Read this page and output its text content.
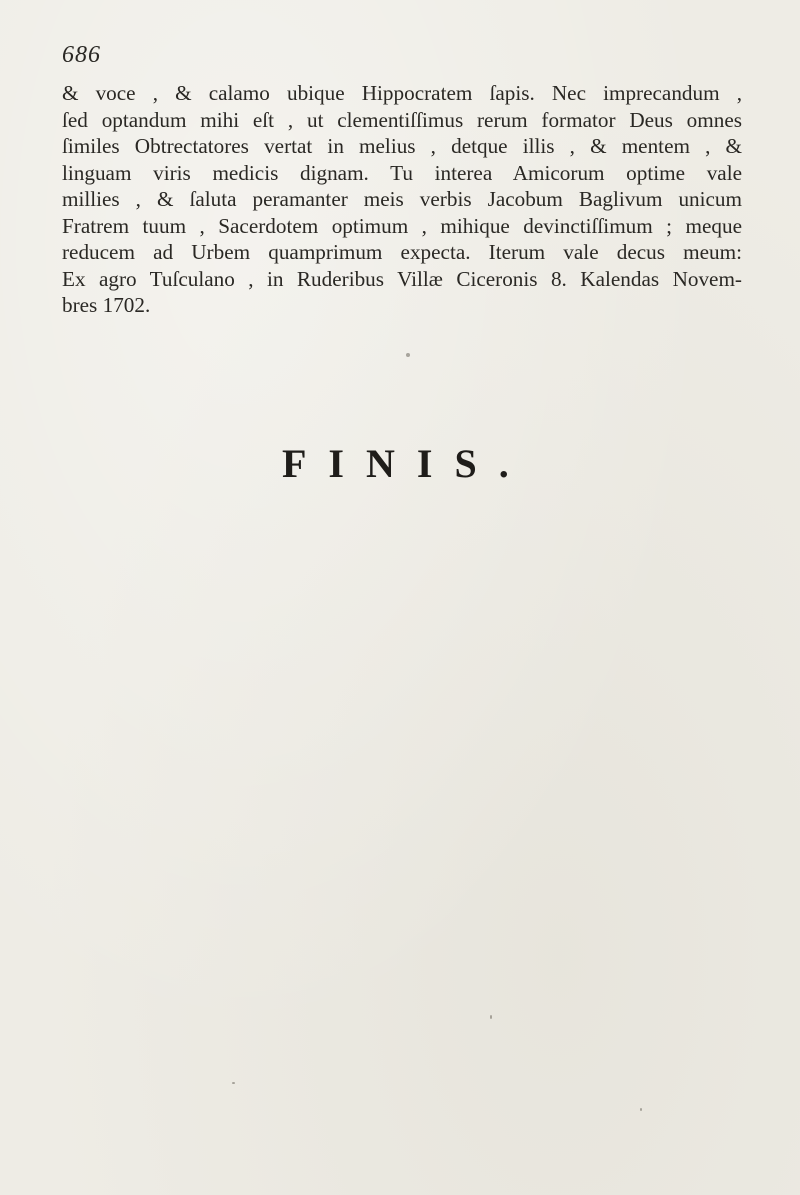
686
& voce , & calamo ubique Hippocratem ſapis. Nec imprecandum ,
ſed optandum mihi eſt , ut clementiſſimus rerum formator Deus omnes
ſimiles Obtrectatores vertat in melius , detque illis , & mentem , &
linguam viris medicis dignam. Tu interea Amicorum optime vale
millies , & ſaluta peramanter meis verbis Jacobum Baglivum unicum
Fratrem tuum , Sacerdotem optimum , mihique devinctiſſimum ; meque
reducem ad Urbem quamprimum expecta. Iterum vale decus meum:
Ex agro Tuſculano , in Ruderibus Villæ Ciceronis 8. Kalendas Novem-
bres 1702.
FINIS.
